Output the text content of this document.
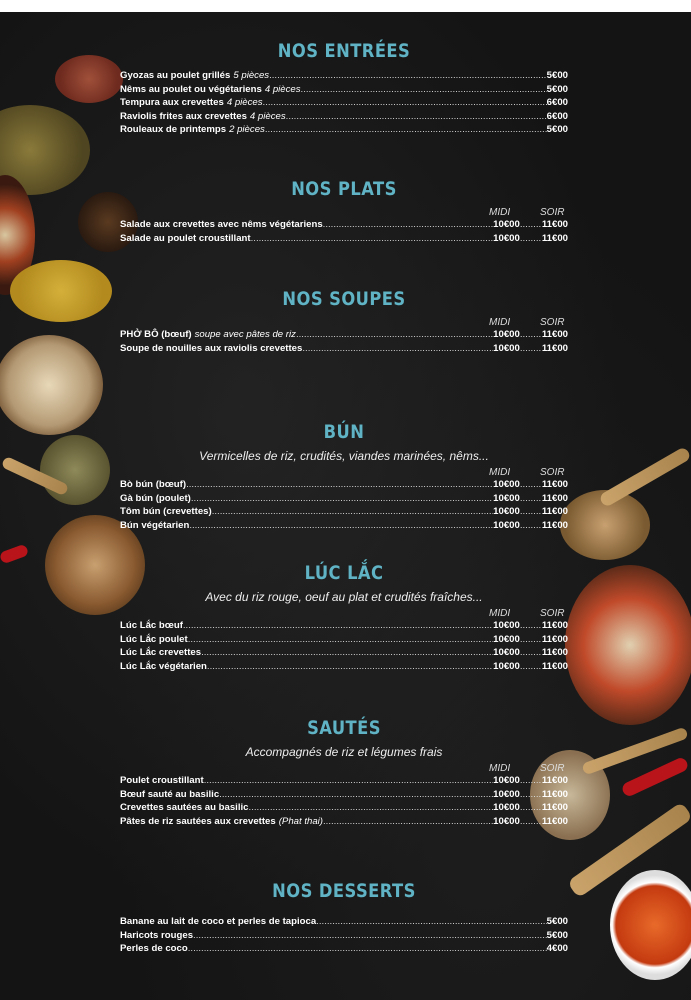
NOS ENTRÉES
Gyozas au poulet grillés 5 pièces .....	5€00
Nêms au poulet ou végétariens 4 pièces .....	5€00
Tempura aux crevettes 4 pièces .....	6€00
Raviolis frites aux crevettes 4 pièces .....	6€00
Rouleaux de printemps 2 pièces .....	5€00
NOS PLATS
MIDI	SOIR
Salade aux crevettes avec nêms végétariens .....	10€00 ..... 11€00
Salade au poulet croustillant .....	10€00 ..... 11€00
NOS SOUPES
MIDI	SOIR
PHỞ BÔ (bœuf) soupe avec pâtes de riz .....	10€00 ..... 11€00
Soupe de nouilles aux raviolis crevettes .....	10€00 ..... 11€00
BÚN
Vermicelles de riz, crudités, viandes marinées, nêms...
MIDI	SOIR
Bò bún (bœuf) .....	10€00 ..... 11€00
Gà bún (poulet) .....	10€00 ..... 11€00
Tôm bún (crevettes) .....	10€00 ..... 11€00
Bún végétarien .....	10€00 ..... 11€00
LÚC LẮC
Avec du riz rouge, oeuf au plat et crudités fraîches...
MIDI	SOIR
Lúc Lắc bœuf .....	10€00 ..... 11€00
Lúc Lắc poulet .....	10€00 ..... 11€00
Lúc Lắc crevettes .....	10€00 ..... 11€00
Lúc Lắc végétarien .....	10€00 ..... 11€00
SAUTÉS
Accompagnés de riz et légumes frais
MIDI	SOIR
Poulet croustillant .....	10€00 ..... 11€00
Bœuf sauté au basilic .....	10€00 ..... 11€00
Crevettes sautées au basilic .....	10€00 ..... 11€00
Pâtes de riz sautées aux crevettes (Phat thai) .....	10€00 ..... 11€00
NOS DESSERTS
Banane au lait de coco et perles de tapioca .....	5€00
Haricots rouges .....	5€00
Perles de coco .....	4€00
